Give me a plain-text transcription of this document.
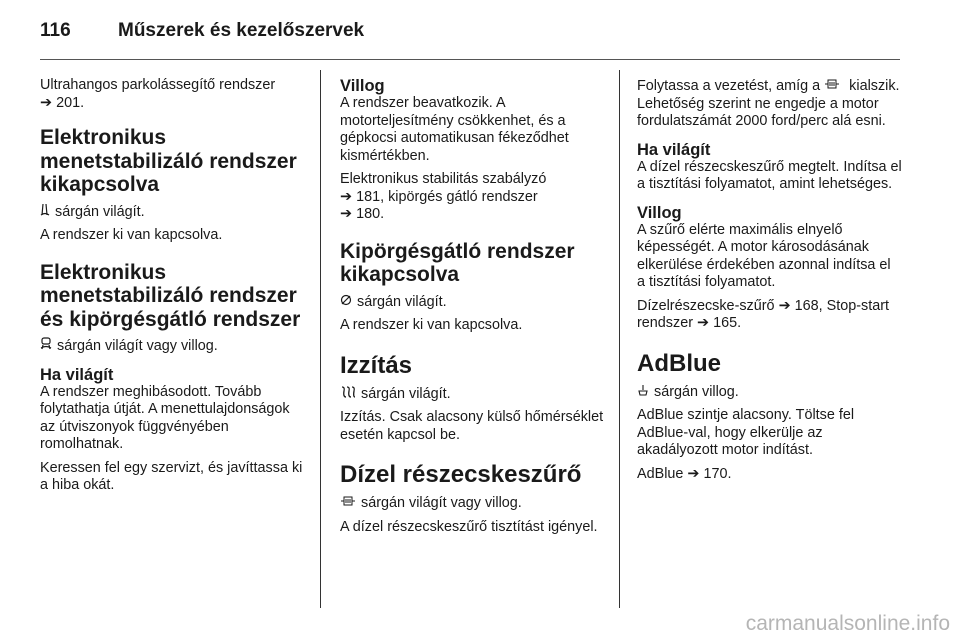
116 Műszerek és kezelőszervek

Ultrahangos parkolássegítő rendszer
➔ 201.

Elektronikus menetstabilizáló rendszer kikapcsolva

sárgán világít.

A rendszer ki van kapcsolva.

Elektronikus menetstabilizáló rendszer és kipörgésgátló rendszer

sárgán világít vagy villog.

Ha világít

A rendszer meghibásodott. Tovább folytathatja útját. A menettulajdonságok az útviszonyok függvényében romolhatnak.

Keressen fel egy szervizt, és javíttassa ki a hiba okát.

Villog

A rendszer beavatkozik. A motorteljesítmény csökkenhet, és a gépkocsi automatikusan fékeződhet kismértékben.

Elektronikus stabilitás szabályzó
➔ 181, kipörgés gátló rendszer
➔ 180.

Kipörgésgátló rendszer kikapcsolva

sárgán világít.

A rendszer ki van kapcsolva.

Izzítás

sárgán világít.

Izzítás. Csak alacsony külső hőmérséklet esetén kapcsol be.

Dízel részecskeszűrő

sárgán világít vagy villog.

A dízel részecskeszűrő tisztítást igényel.

Folytassa a vezetést, amíg a kialszik. Lehetőség szerint ne engedje a motor fordulatszámát 2000 ford/perc alá esni.

Ha világít

A dízel részecskeszűrő megtelt. Indítsa el a tisztítási folyamatot, amint lehetséges.

Villog

A szűrő elérte maximális elnyelő képességét. A motor károsodásának elkerülése érdekében azonnal indítsa el a tisztítási folyamatot.

Dízelrészecske-szűrő ➔ 168, Stop-start rendszer ➔ 165.

AdBlue

sárgán villog.

AdBlue szintje alacsony. Töltse fel AdBlue-val, hogy elkerülje az akadályozott motor indítást.

AdBlue ➔ 170.

carmanualsonline.info
